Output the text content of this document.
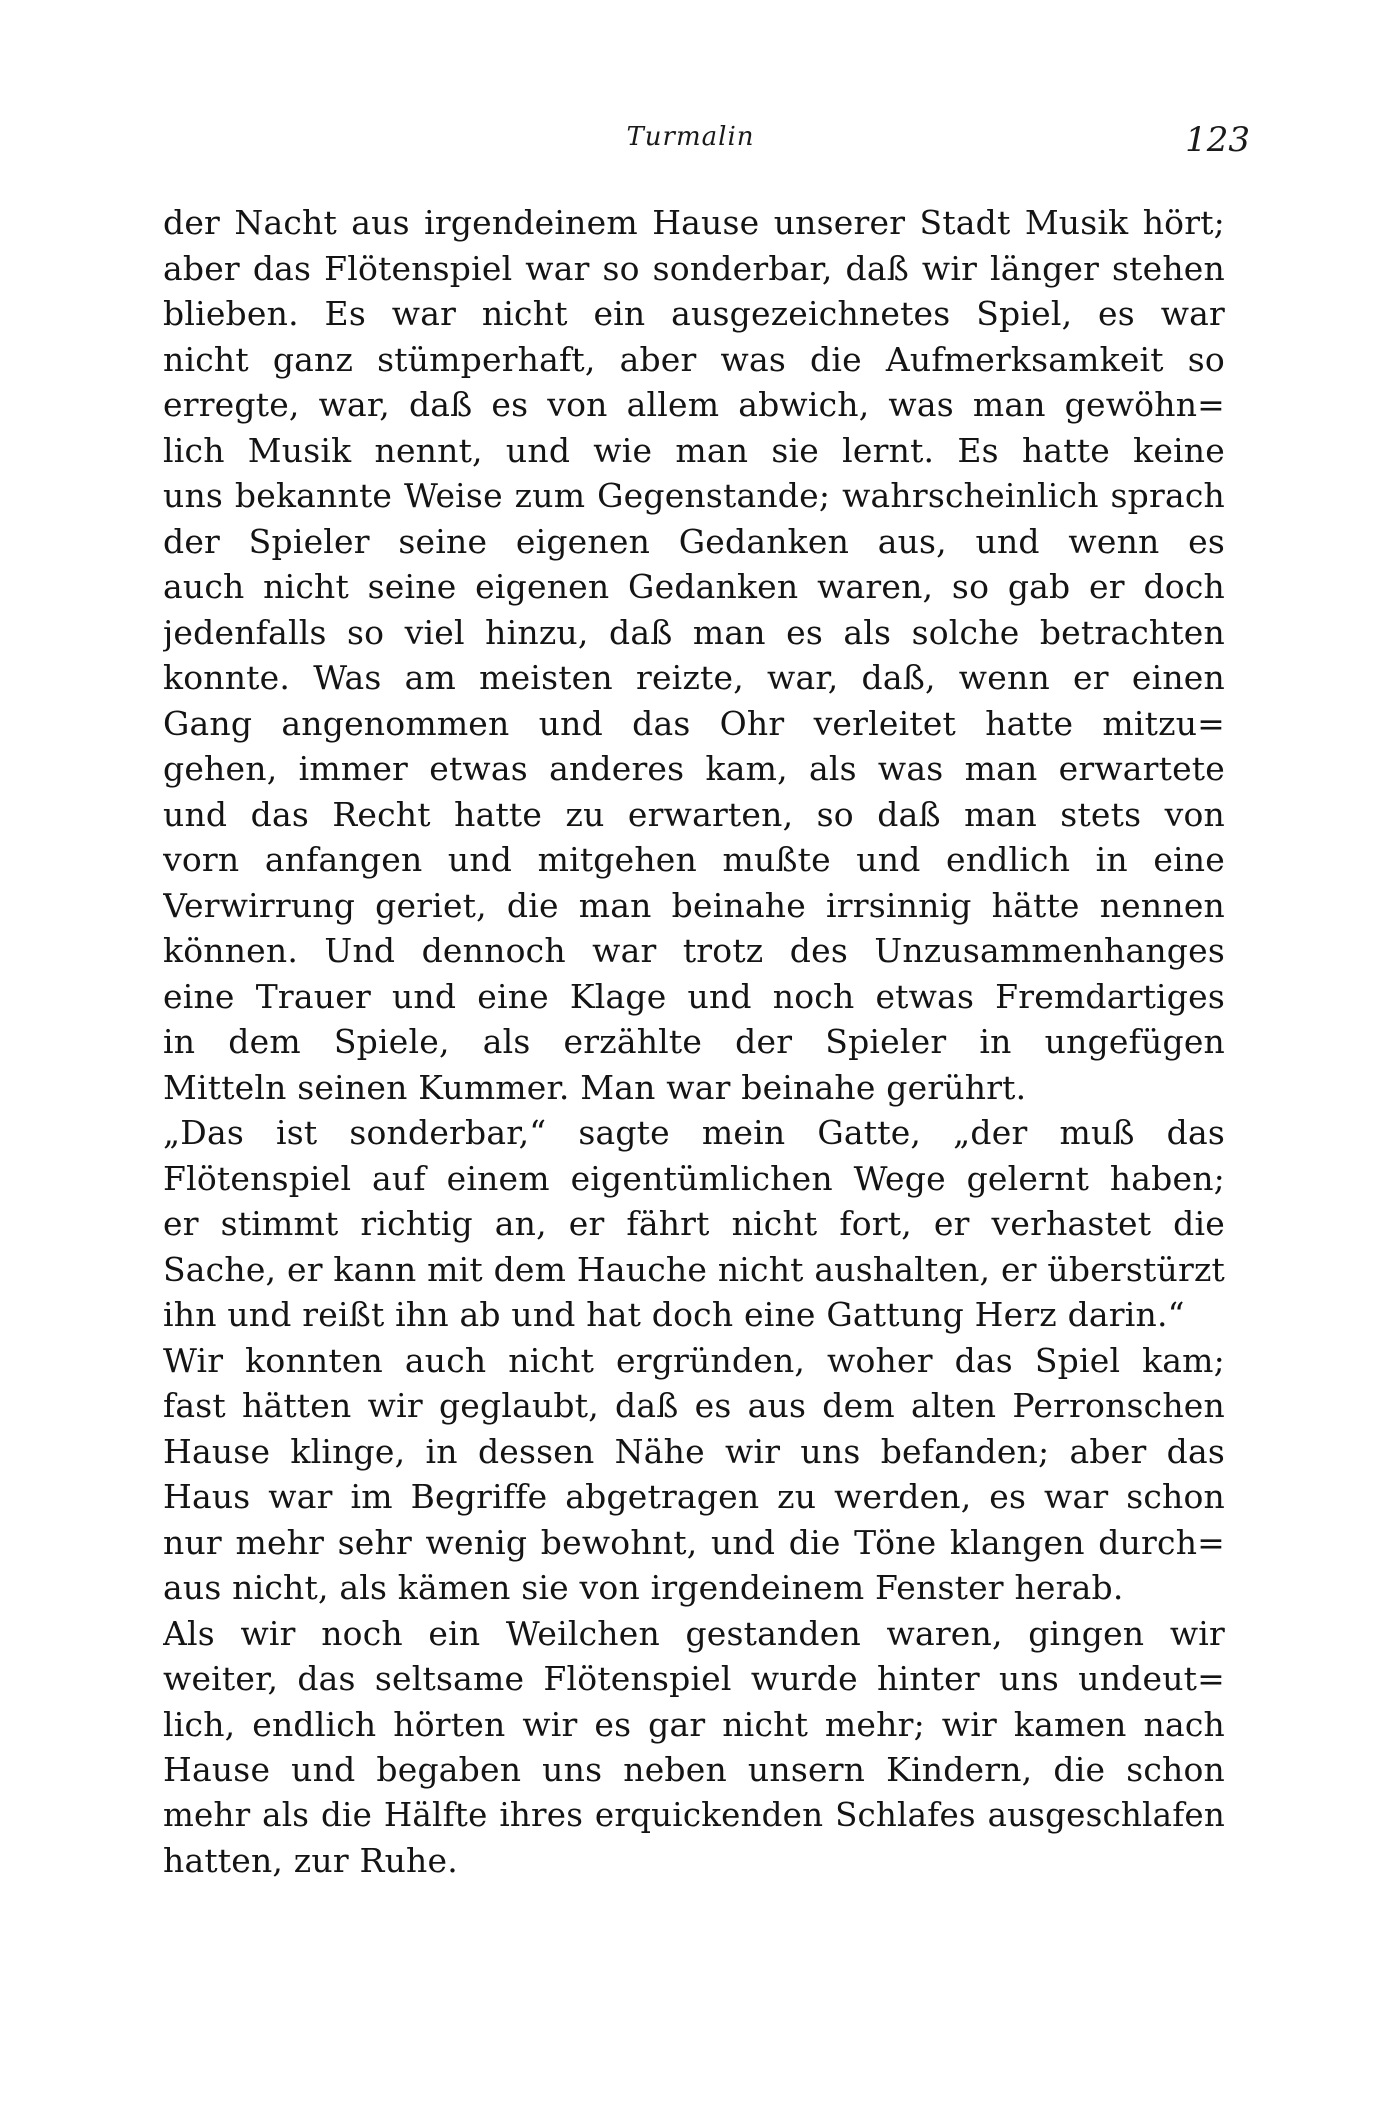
Turmalin	123
der Nacht aus irgendeinem Hause unserer Stadt Musik hört;
aber das Flötenspiel war so sonderbar, daß wir länger stehen
blieben. Es war nicht ein ausgezeichnetes Spiel, es war
nicht ganz stümperhaft, aber was die Aufmerksamkeit so
erregte, war, daß es von allem abwich, was man gewöhn=
lich Musik nennt, und wie man sie lernt. Es hatte keine
uns bekannte Weise zum Gegenstande; wahrscheinlich sprach
der Spieler seine eigenen Gedanken aus, und wenn es
auch nicht seine eigenen Gedanken waren, so gab er doch
jedenfalls so viel hinzu, daß man es als solche betrachten
konnte. Was am meisten reizte, war, daß, wenn er einen
Gang angenommen und das Ohr verleitet hatte mitzu=
gehen, immer etwas anderes kam, als was man erwartete
und das Recht hatte zu erwarten, so daß man stets von
vorn anfangen und mitgehen mußte und endlich in eine
Verwirrung geriet, die man beinahe irrsinnig hätte nennen
können. Und dennoch war trotz des Unzusammenhanges
eine Trauer und eine Klage und noch etwas Fremdartiges
in dem Spiele, als erzählte der Spieler in ungefügen
Mitteln seinen Kummer. Man war beinahe gerührt.
„Das ist sonderbar,“ sagte mein Gatte, „der muß das
Flötenspiel auf einem eigentümlichen Wege gelernt haben;
er stimmt richtig an, er fährt nicht fort, er verhastet die
Sache, er kann mit dem Hauche nicht aushalten, er überstürzt
ihn und reißt ihn ab und hat doch eine Gattung Herz darin.“
Wir konnten auch nicht ergründen, woher das Spiel kam;
fast hätten wir geglaubt, daß es aus dem alten Perronschen
Hause klinge, in dessen Nähe wir uns befanden; aber das
Haus war im Begriffe abgetragen zu werden, es war schon
nur mehr sehr wenig bewohnt, und die Töne klangen durch=
aus nicht, als kämen sie von irgendeinem Fenster herab.
Als wir noch ein Weilchen gestanden waren, gingen wir
weiter, das seltsame Flötenspiel wurde hinter uns undeut=
lich, endlich hörten wir es gar nicht mehr; wir kamen nach
Hause und begaben uns neben unsern Kindern, die schon
mehr als die Hälfte ihres erquickenden Schlafes ausgeschlafen
hatten, zur Ruhe.
